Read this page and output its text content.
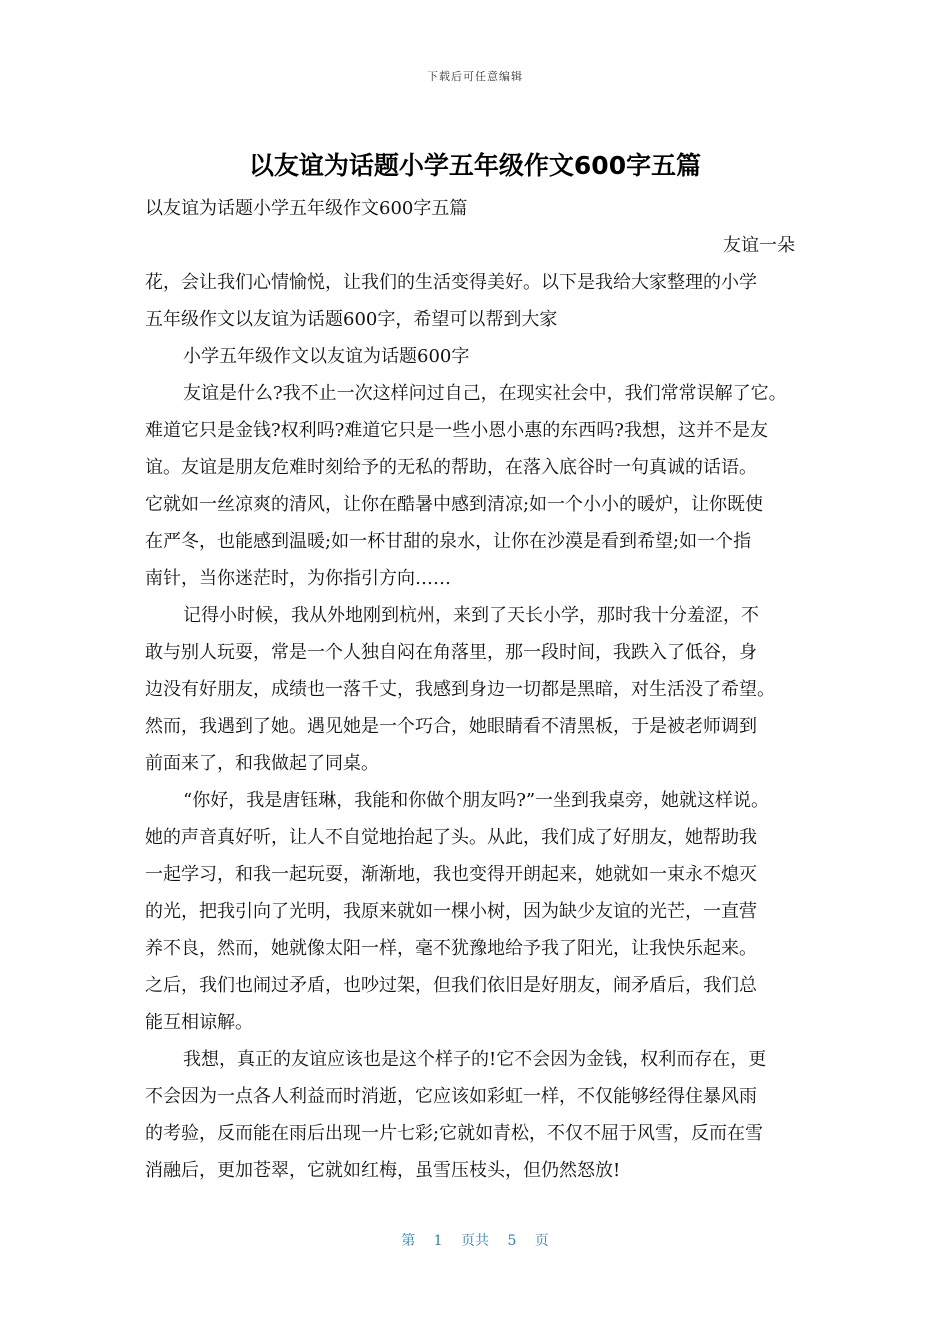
下载后可任意编辑
以友谊为话题小学五年级作文600字五篇

以友谊为话题小学五年级作文600字五篇

友谊一朵

花，会让我们心情愉悦，让我们的生活变得美好。以下是我给大家整理的小学

五年级作文以友谊为话题600字，希望可以帮到大家

小学五年级作文以友谊为话题600字

友谊是什么?我不止一次这样问过自己，在现实社会中，我们常常误解了它。

难道它只是金钱?权利吗?难道它只是一些小恩小惠的东西吗?我想，这并不是友

谊。友谊是朋友危难时刻给予的无私的帮助，在落入底谷时一句真诚的话语。

它就如一丝凉爽的清风，让你在酷暑中感到清凉;如一个小小的暖炉，让你既使

在严冬，也能感到温暖;如一杯甘甜的泉水，让你在沙漠是看到希望;如一个指

南针，当你迷茫时，为你指引方向……

记得小时候，我从外地刚到杭州，来到了天长小学，那时我十分羞涩，不

敢与别人玩耍，常是一个人独自闷在角落里，那一段时间，我跌入了低谷，身

边没有好朋友，成绩也一落千丈，我感到身边一切都是黑暗，对生活没了希望。

然而，我遇到了她。遇见她是一个巧合，她眼睛看不清黑板，于是被老师调到

前面来了，和我做起了同桌。

“你好，我是唐钰琳，我能和你做个朋友吗?”一坐到我桌旁，她就这样说。

她的声音真好听，让人不自觉地抬起了头。从此，我们成了好朋友，她帮助我

一起学习，和我一起玩耍，渐渐地，我也变得开朗起来，她就如一束永不熄灭

的光，把我引向了光明，我原来就如一棵小树，因为缺少友谊的光芒，一直营

养不良，然而，她就像太阳一样，毫不犹豫地给予我了阳光，让我快乐起来。

之后，我们也闹过矛盾，也吵过架，但我们依旧是好朋友，闹矛盾后，我们总

能互相谅解。

我想，真正的友谊应该也是这个样子的!它不会因为金钱，权利而存在，更

不会因为一点各人利益而时消逝，它应该如彩虹一样，不仅能够经得住暴风雨

的考验，反而能在雨后出现一片七彩;它就如青松，不仅不屈于风雪，反而在雪

消融后，更加苍翠，它就如红梅，虽雪压枝头，但仍然怒放!

第 1 页共 5 页
